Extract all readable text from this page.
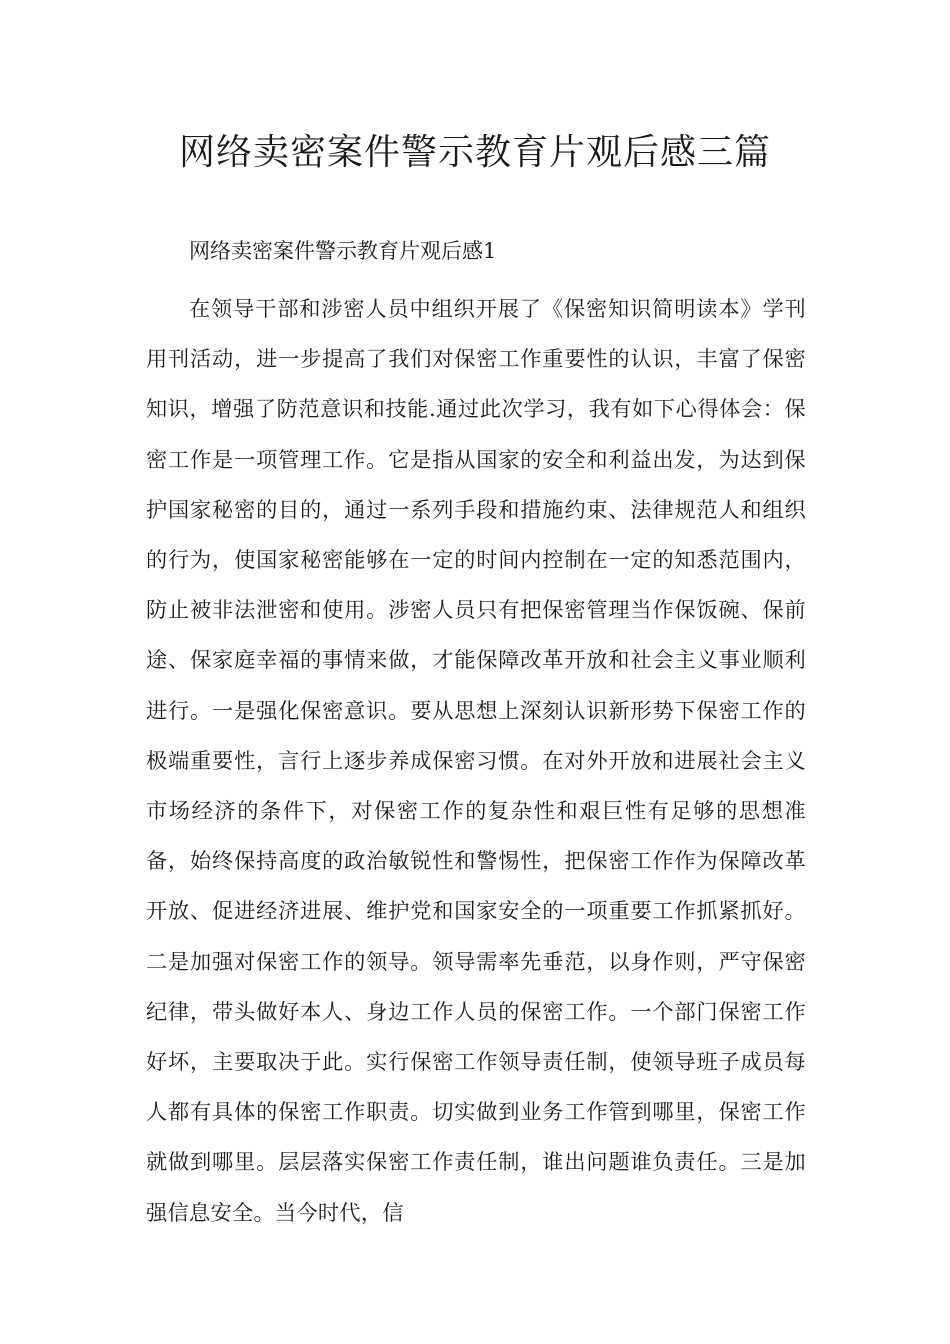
网络卖密案件警示教育片观后感三篇

网络卖密案件警示教育片观后感1

在领导干部和涉密人员中组织开展了《保密知识简明读本》学刊用刊活动，进一步提高了我们对保密工作重要性的认识，丰富了保密知识，增强了防范意识和技能.通过此次学习，我有如下心得体会：保密工作是一项管理工作。它是指从国家的安全和利益出发，为达到保护国家秘密的目的，通过一系列手段和措施约束、法律规范人和组织的行为，使国家秘密能够在一定的时间内控制在一定的知悉范围内，防止被非法泄密和使用。涉密人员只有把保密管理当作保饭碗、保前途、保家庭幸福的事情来做，才能保障改革开放和社会主义事业顺利进行。一是强化保密意识。要从思想上深刻认识新形势下保密工作的极端重要性，言行上逐步养成保密习惯。在对外开放和进展社会主义市场经济的条件下，对保密工作的复杂性和艰巨性有足够的思想准备，始终保持高度的政治敏锐性和警惕性，把保密工作作为保障改革开放、促进经济进展、维护党和国家安全的一项重要工作抓紧抓好。二是加强对保密工作的领导。领导需率先垂范，以身作则，严守保密纪律，带头做好本人、身边工作人员的保密工作。一个部门保密工作好坏，主要取决于此。实行保密工作领导责任制，使领导班子成员每人都有具体的保密工作职责。切实做到业务工作管到哪里，保密工作就做到哪里。层层落实保密工作责任制，谁出问题谁负责任。三是加强信息安全。当今时代，信
